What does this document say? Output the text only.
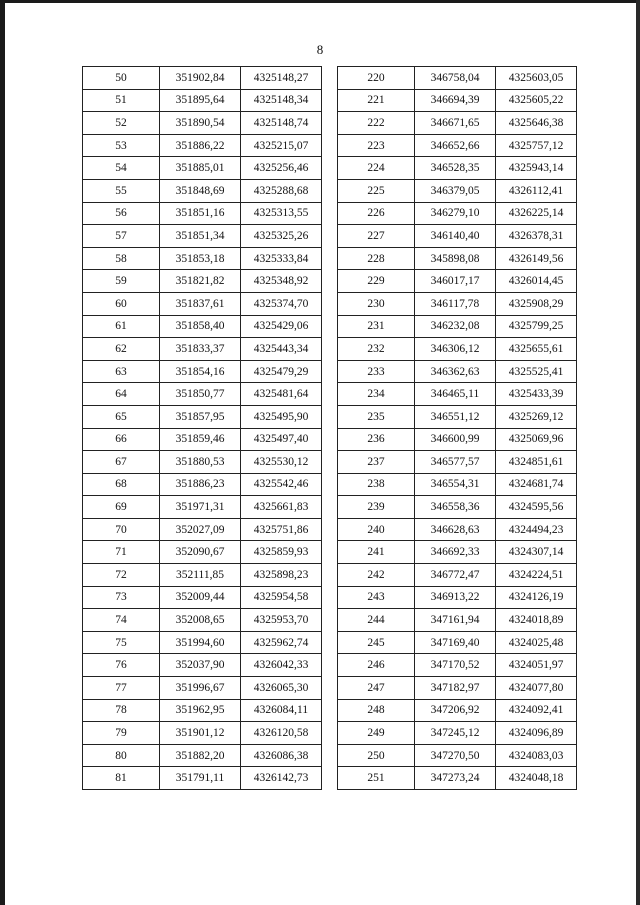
8
50	351902,84	4325148,27
51	351895,64	4325148,34
52	351890,54	4325148,74
53	351886,22	4325215,07
54	351885,01	4325256,46
55	351848,69	4325288,68
56	351851,16	4325313,55
57	351851,34	4325325,26
58	351853,18	4325333,84
59	351821,82	4325348,92
60	351837,61	4325374,70
61	351858,40	4325429,06
62	351833,37	4325443,34
63	351854,16	4325479,29
64	351850,77	4325481,64
65	351857,95	4325495,90
66	351859,46	4325497,40
67	351880,53	4325530,12
68	351886,23	4325542,46
69	351971,31	4325661,83
70	352027,09	4325751,86
71	352090,67	4325859,93
72	352111,85	4325898,23
73	352009,44	4325954,58
74	352008,65	4325953,70
75	351994,60	4325962,74
76	352037,90	4326042,33
77	351996,67	4326065,30
78	351962,95	4326084,11
79	351901,12	4326120,58
80	351882,20	4326086,38
81	351791,11	4326142,73
220	346758,04	4325603,05
221	346694,39	4325605,22
222	346671,65	4325646,38
223	346652,66	4325757,12
224	346528,35	4325943,14
225	346379,05	4326112,41
226	346279,10	4326225,14
227	346140,40	4326378,31
228	345898,08	4326149,56
229	346017,17	4326014,45
230	346117,78	4325908,29
231	346232,08	4325799,25
232	346306,12	4325655,61
233	346362,63	4325525,41
234	346465,11	4325433,39
235	346551,12	4325269,12
236	346600,99	4325069,96
237	346577,57	4324851,61
238	346554,31	4324681,74
239	346558,36	4324595,56
240	346628,63	4324494,23
241	346692,33	4324307,14
242	346772,47	4324224,51
243	346913,22	4324126,19
244	347161,94	4324018,89
245	347169,40	4324025,48
246	347170,52	4324051,97
247	347182,97	4324077,80
248	347206,92	4324092,41
249	347245,12	4324096,89
250	347270,50	4324083,03
251	347273,24	4324048,18
